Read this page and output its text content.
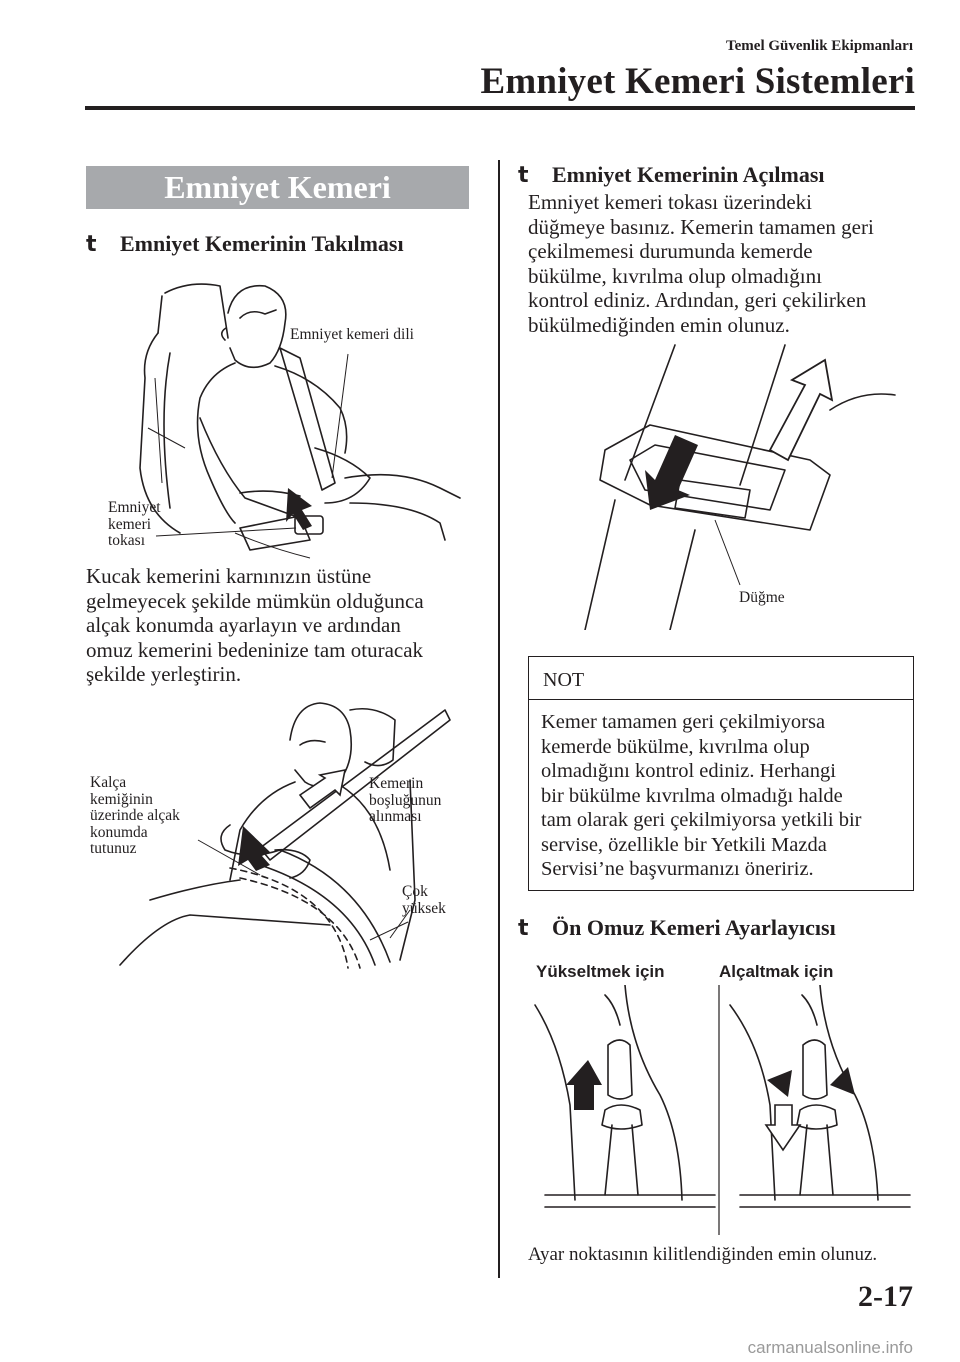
Temel Güvenlik Ekipmanları
Emniyet Kemeri Sistemleri
Emniyet Kemeri
t Emniyet Kemerinin Takılması
Emniyet kemeri dili
Emniyet
kemeri
tokası
Kucak kemerini karnınızın üstüne
gelmeyecek şekilde mümkün olduğunca
alçak konumda ayarlayın ve ardından
omuz kemerini bedeninize tam oturacak
şekilde yerleştirin.
Kalça
kemiğinin
üzerinde alçak
konumda
tutunuz
Kemerin
boşluğunun
alınması
Çok
yüksek
t Emniyet Kemerinin Açılması
Emniyet kemeri tokası üzerindeki
düğmeye basınız. Kemerin tamamen geri
çekilmemesi durumunda kemerde
bükülme, kıvrılma olup olmadığını
kontrol ediniz. Ardından, geri çekilirken
bükülmediğinden emin olunuz.
Düğme
NOT
Kemer tamamen geri çekilmiyorsa
kemerde bükülme, kıvrılma olup
olmadığını kontrol ediniz. Herhangi
bir bükülme kıvrılma olmadığı halde
tam olarak geri çekilmiyorsa yetkili bir
servise, özellikle bir Yetkili Mazda
Servisi’ne başvurmanızı öneririz.
t Ön Omuz Kemeri Ayarlayıcısı
Yükseltmek için	Alçaltmak için
Ayar noktasının kilitlendiğinden emin olunuz.
2-17
carmanualsonline.info
